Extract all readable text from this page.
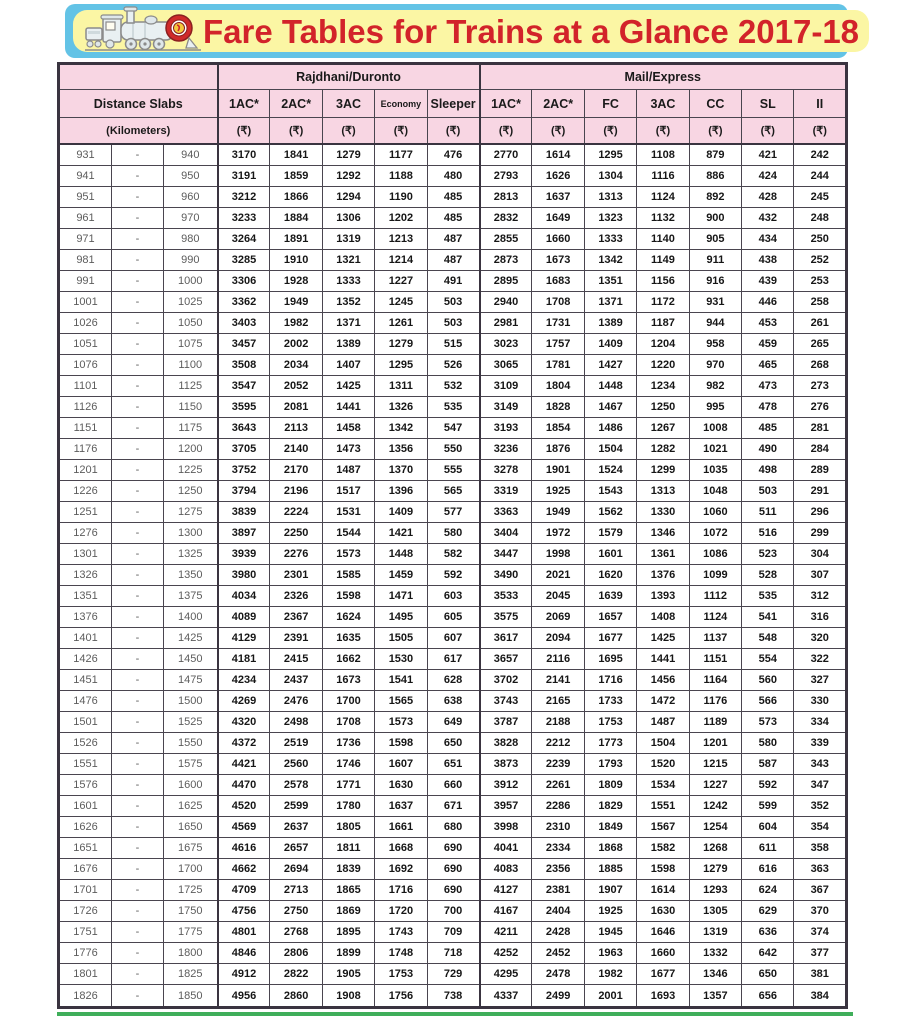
Fare Tables for Trains at a Glance 2017-18
			Rajdhani/Duronto					Mail/Express						
Distance Slabs			1AC*	2AC*	3AC	Economy	Sleeper	1AC*	2AC*	FC	3AC	CC	SL	II
(Kilometers)			(₹)	(₹)	(₹)	(₹)	(₹)	(₹)	(₹)	(₹)	(₹)	(₹)	(₹)	(₹)
931	-	940	3170	1841	1279	1177	476	2770	1614	1295	1108	879	421	242
941	-	950	3191	1859	1292	1188	480	2793	1626	1304	1116	886	424	244
951	-	960	3212	1866	1294	1190	485	2813	1637	1313	1124	892	428	245
961	-	970	3233	1884	1306	1202	485	2832	1649	1323	1132	900	432	248
971	-	980	3264	1891	1319	1213	487	2855	1660	1333	1140	905	434	250
981	-	990	3285	1910	1321	1214	487	2873	1673	1342	1149	911	438	252
991	-	1000	3306	1928	1333	1227	491	2895	1683	1351	1156	916	439	253
1001	-	1025	3362	1949	1352	1245	503	2940	1708	1371	1172	931	446	258
1026	-	1050	3403	1982	1371	1261	503	2981	1731	1389	1187	944	453	261
1051	-	1075	3457	2002	1389	1279	515	3023	1757	1409	1204	958	459	265
1076	-	1100	3508	2034	1407	1295	526	3065	1781	1427	1220	970	465	268
1101	-	1125	3547	2052	1425	1311	532	3109	1804	1448	1234	982	473	273
1126	-	1150	3595	2081	1441	1326	535	3149	1828	1467	1250	995	478	276
1151	-	1175	3643	2113	1458	1342	547	3193	1854	1486	1267	1008	485	281
1176	-	1200	3705	2140	1473	1356	550	3236	1876	1504	1282	1021	490	284
1201	-	1225	3752	2170	1487	1370	555	3278	1901	1524	1299	1035	498	289
1226	-	1250	3794	2196	1517	1396	565	3319	1925	1543	1313	1048	503	291
1251	-	1275	3839	2224	1531	1409	577	3363	1949	1562	1330	1060	511	296
1276	-	1300	3897	2250	1544	1421	580	3404	1972	1579	1346	1072	516	299
1301	-	1325	3939	2276	1573	1448	582	3447	1998	1601	1361	1086	523	304
1326	-	1350	3980	2301	1585	1459	592	3490	2021	1620	1376	1099	528	307
1351	-	1375	4034	2326	1598	1471	603	3533	2045	1639	1393	1112	535	312
1376	-	1400	4089	2367	1624	1495	605	3575	2069	1657	1408	1124	541	316
1401	-	1425	4129	2391	1635	1505	607	3617	2094	1677	1425	1137	548	320
1426	-	1450	4181	2415	1662	1530	617	3657	2116	1695	1441	1151	554	322
1451	-	1475	4234	2437	1673	1541	628	3702	2141	1716	1456	1164	560	327
1476	-	1500	4269	2476	1700	1565	638	3743	2165	1733	1472	1176	566	330
1501	-	1525	4320	2498	1708	1573	649	3787	2188	1753	1487	1189	573	334
1526	-	1550	4372	2519	1736	1598	650	3828	2212	1773	1504	1201	580	339
1551	-	1575	4421	2560	1746	1607	651	3873	2239	1793	1520	1215	587	343
1576	-	1600	4470	2578	1771	1630	660	3912	2261	1809	1534	1227	592	347
1601	-	1625	4520	2599	1780	1637	671	3957	2286	1829	1551	1242	599	352
1626	-	1650	4569	2637	1805	1661	680	3998	2310	1849	1567	1254	604	354
1651	-	1675	4616	2657	1811	1668	690	4041	2334	1868	1582	1268	611	358
1676	-	1700	4662	2694	1839	1692	690	4083	2356	1885	1598	1279	616	363
1701	-	1725	4709	2713	1865	1716	690	4127	2381	1907	1614	1293	624	367
1726	-	1750	4756	2750	1869	1720	700	4167	2404	1925	1630	1305	629	370
1751	-	1775	4801	2768	1895	1743	709	4211	2428	1945	1646	1319	636	374
1776	-	1800	4846	2806	1899	1748	718	4252	2452	1963	1660	1332	642	377
1801	-	1825	4912	2822	1905	1753	729	4295	2478	1982	1677	1346	650	381
1826	-	1850	4956	2860	1908	1756	738	4337	2499	2001	1693	1357	656	384
